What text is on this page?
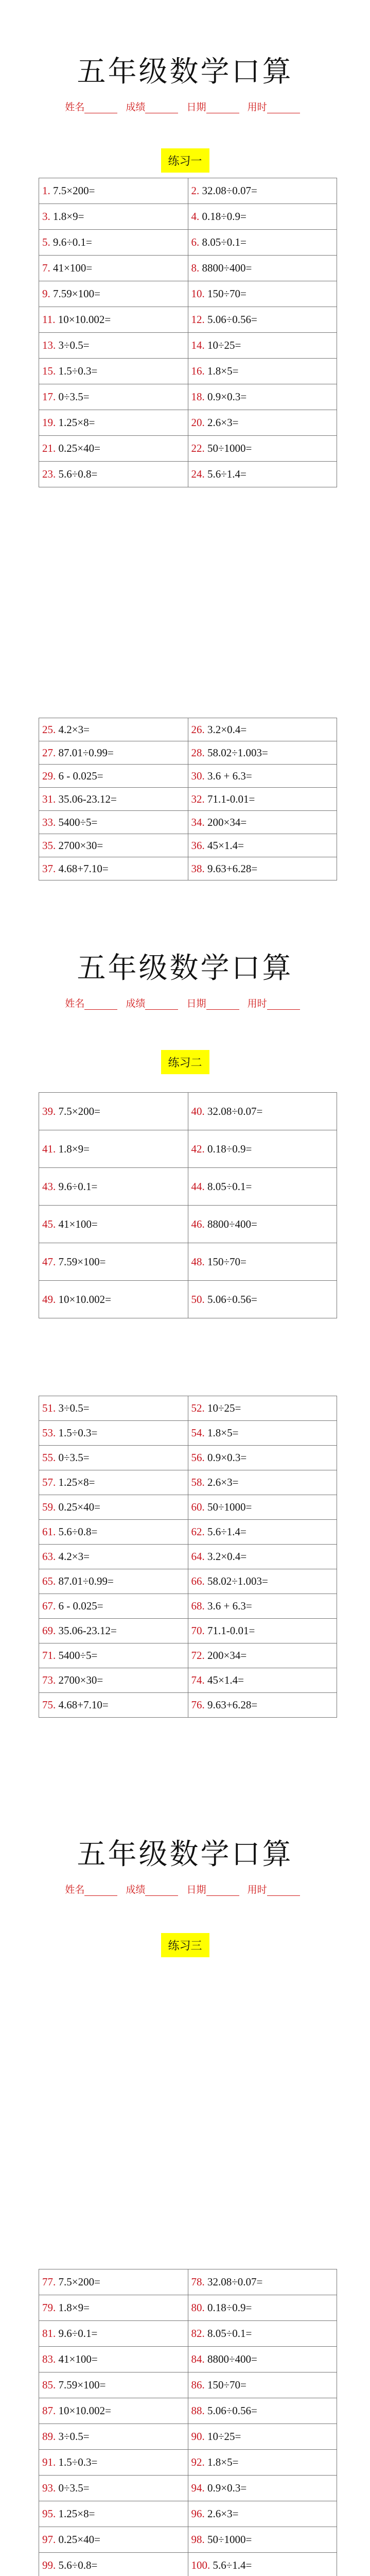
五年级数学口算
姓名	成绩	日期	用时
练习一
1. 7.5×200=	2. 32.08÷0.07=
3. 1.8×9=	4. 0.18÷0.9=
5. 9.6÷0.1=	6. 8.05÷0.1=
7. 41×100=	8. 8800÷400=
9. 7.59×100=	10. 150÷70=
11. 10×10.002=	12. 5.06÷0.56=
13. 3÷0.5=	14. 10÷25=
15. 1.5÷0.3=	16. 1.8×5=
17. 0÷3.5=	18. 0.9×0.3=
19. 1.25×8=	20. 2.6×3=
21. 0.25×40=	22. 50÷1000=
23. 5.6÷0.8=	24. 5.6÷1.4=
25. 4.2×3=	26. 3.2×0.4=
27. 87.01÷0.99=	28. 58.02÷1.003=
29. 6 - 0.025=	30. 3.6 + 6.3=
31. 35.06-23.12=	32. 71.1-0.01=
33. 5400÷5=	34. 200×34=
35. 2700×30=	36. 45×1.4=
37. 4.68+7.10=	38. 9.63+6.28=
五年级数学口算
姓名	成绩	日期	用时
练习二
39. 7.5×200=	40. 32.08÷0.07=
41. 1.8×9=	42. 0.18÷0.9=
43. 9.6÷0.1=	44. 8.05÷0.1=
45. 41×100=	46. 8800÷400=
47. 7.59×100=	48. 150÷70=
49. 10×10.002=	50. 5.06÷0.56=
51. 3÷0.5=	52. 10÷25=
53. 1.5÷0.3=	54. 1.8×5=
55. 0÷3.5=	56. 0.9×0.3=
57. 1.25×8=	58. 2.6×3=
59. 0.25×40=	60. 50÷1000=
61. 5.6÷0.8=	62. 5.6÷1.4=
63. 4.2×3=	64. 3.2×0.4=
65. 87.01÷0.99=	66. 58.02÷1.003=
67. 6 - 0.025=	68. 3.6 + 6.3=
69. 35.06-23.12=	70. 71.1-0.01=
71. 5400÷5=	72. 200×34=
73. 2700×30=	74. 45×1.4=
75. 4.68+7.10=	76. 9.63+6.28=
五年级数学口算
姓名	成绩	日期	用时
练习三
77. 7.5×200=	78. 32.08÷0.07=
79. 1.8×9=	80. 0.18÷0.9=
81. 9.6÷0.1=	82. 8.05÷0.1=
83. 41×100=	84. 8800÷400=
85. 7.59×100=	86. 150÷70=
87. 10×10.002=	88. 5.06÷0.56=
89. 3÷0.5=	90. 10÷25=
91. 1.5÷0.3=	92. 1.8×5=
93. 0÷3.5=	94. 0.9×0.3=
95. 1.25×8=	96. 2.6×3=
97. 0.25×40=	98. 50÷1000=
99. 5.6÷0.8=	100. 5.6÷1.4=
